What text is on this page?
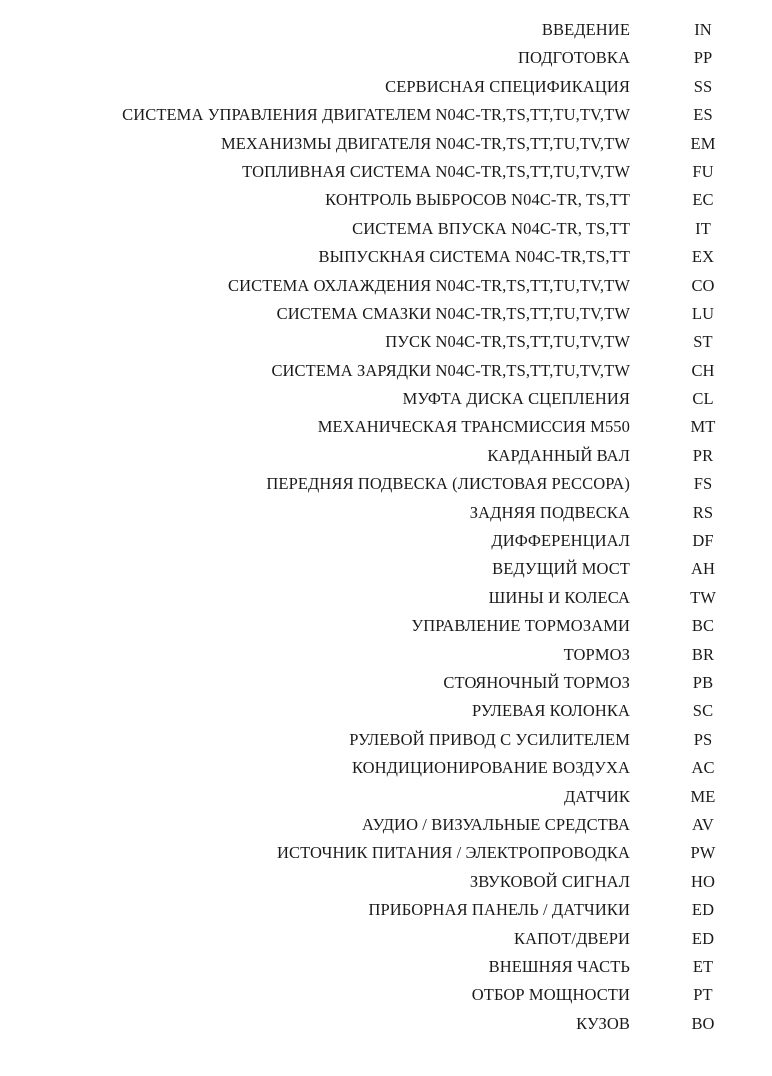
ВВЕДЕНИЕ	IN
ПОДГОТОВКА	PP
СЕРВИСНАЯ СПЕЦИФИКАЦИЯ	SS
СИСТЕМА УПРАВЛЕНИЯ ДВИГАТЕЛЕМ N04C-TR,TS,TT,TU,TV,TW	ES
МЕХАНИЗМЫ ДВИГАТЕЛЯ N04C-TR,TS,TT,TU,TV,TW	EM
ТОПЛИВНАЯ СИСТЕМА N04C-TR,TS,TT,TU,TV,TW	FU
КОНТРОЛЬ ВЫБРОСОВ N04C-TR, TS,TT	EC
СИСТЕМА ВПУСКА N04C-TR, TS,TT	IT
ВЫПУСКНАЯ СИСТЕМА N04C-TR,TS,TT	EX
СИСТЕМА ОХЛАЖДЕНИЯ N04C-TR,TS,TT,TU,TV,TW	CO
СИСТЕМА СМАЗКИ N04C-TR,TS,TT,TU,TV,TW	LU
ПУСК N04C-TR,TS,TT,TU,TV,TW	ST
СИСТЕМА ЗАРЯДКИ N04C-TR,TS,TT,TU,TV,TW	CH
МУФТА ДИСКА СЦЕПЛЕНИЯ	CL
МЕХАНИЧЕСКАЯ ТРАНСМИССИЯ M550	MT
КАРДАННЫЙ ВАЛ	PR
ПЕРЕДНЯЯ ПОДВЕСКА (ЛИСТОВАЯ РЕССОРА)	FS
ЗАДНЯЯ ПОДВЕСКА	RS
ДИФФЕРЕНЦИАЛ	DF
ВЕДУЩИЙ МОСТ	AH
ШИНЫ И КОЛЕСА	TW
УПРАВЛЕНИЕ ТОРМОЗАМИ	BC
ТОРМОЗ	BR
СТОЯНОЧНЫЙ ТОРМОЗ	PB
РУЛЕВАЯ КОЛОНКА	SC
РУЛЕВОЙ ПРИВОД С УСИЛИТЕЛЕМ	PS
КОНДИЦИОНИРОВАНИЕ ВОЗДУХА	AC
ДАТЧИК	ME
АУДИО / ВИЗУАЛЬНЫЕ СРЕДСТВА	AV
ИСТОЧНИК ПИТАНИЯ / ЭЛЕКТРОПРОВОДКА	PW
ЗВУКОВОЙ СИГНАЛ	HO
ПРИБОРНАЯ ПАНЕЛЬ / ДАТЧИКИ	ED
КАПОТ/ДВЕРИ	ED
ВНЕШНЯЯ ЧАСТЬ	ET
ОТБОР МОЩНОСТИ	PT
КУЗОВ	BO
